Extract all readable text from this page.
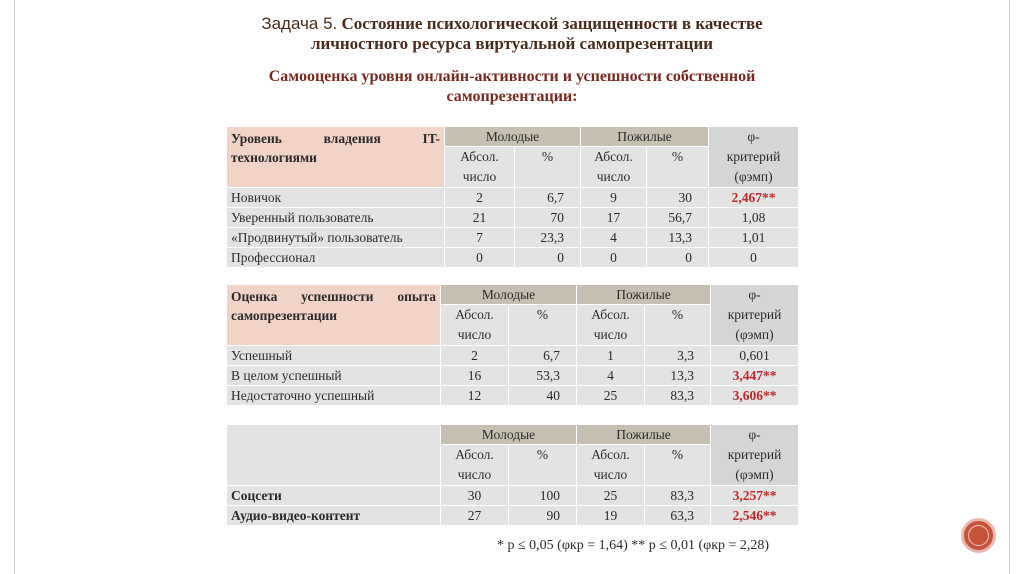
Задача 5. Состояние психологической защищенности в качестве
личностного ресурса виртуальной самопрезентации
Самооценка уровня онлайн-активности и успешности собственной
самопрезентации:
Уровень владения IT-
технологиями	Молодые		Пожилые		φ-
критерий
(φэмп)
	Абсол.
число	%	Абсол.
число	%	

Новичок	2	6,7	9	30	2,467**
Уверенный пользователь	21	70	17	56,7	1,08
«Продвинутый» пользователь	7	23,3	4	13,3	1,01
Профессионал	0	0	0	0	0
Оценка успешности опыта
самопрезентации	Молодые		Пожилые		φ-
критерий
(φэмп)
	Абсол.
число	%	Абсол.
число	%	

Успешный	2	6,7	1	3,3	0,601
В целом успешный	16	53,3	4	13,3	3,447**
Недостаточно успешный	12	40	25	83,3	3,606**
	Молодые		Пожилые		φ-
критерий
(φэмп)
	Абсол.
число	%	Абсол.
число	%	

Соцсети	30	100	25	83,3	3,257**
Аудио-видео-контент	27	90	19	63,3	2,546**
* p ≤ 0,05 (φкр = 1,64) ** p ≤ 0,01 (φкр = 2,28)
